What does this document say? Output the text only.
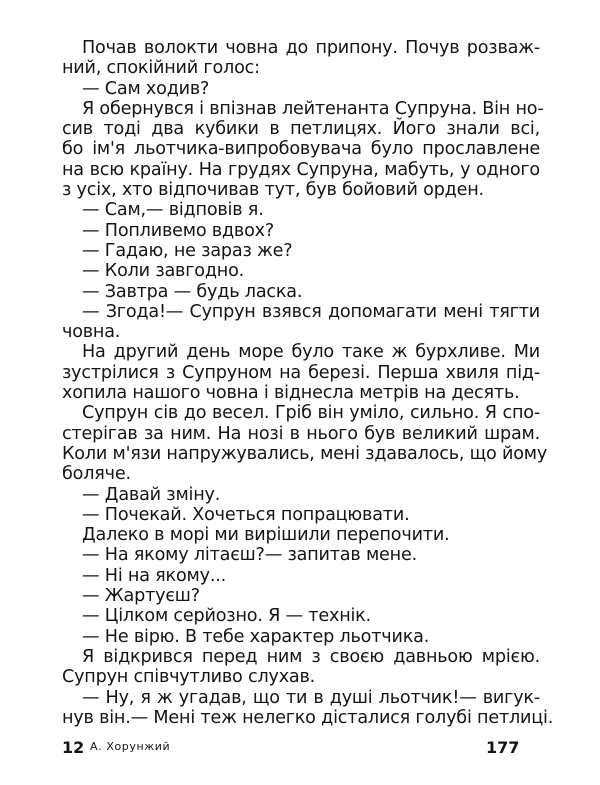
Почав волокти човна до припону. Почув розваж-
ний, спокійний голос:
— Сам ходив?
Я обернувся і впізнав лейтенанта Супруна. Він но-
сив тоді два кубики в петлицях. Його знали всі,
бо ім'я льотчика-випробовувача було прославлене
на всю країну. На грудях Супруна, мабуть, у одного
з усіх, хто відпочивав тут, був бойовий орден.
— Сам,— відповів я.
— Попливемо вдвох?
— Гадаю, не зараз же?
— Коли завгодно.
— Завтра — будь ласка.
— Згода!— Супрун взявся допомагати мені тягти
човна.
На другий день море було таке ж бурхливе. Ми
зустрілися з Супруном на березі. Перша хвиля під-
хопила нашого човна і віднесла метрів на десять.
Супрун сів до весел. Гріб він уміло, сильно. Я спо-
стерігав за ним. На нозі в нього був великий шрам.
Коли м'язи напружувались, мені здавалось, що йому
боляче.
— Давай зміну.
— Почекай. Хочеться попрацювати.
Далеко в морі ми вирішили перепочити.
— На якому літаєш?— запитав мене.
— Ні на якому...
— Жартуєш?
— Цілком серйозно. Я — технік.
— Не вірю. В тебе характер льотчика.
Я відкрився перед ним з своєю давньою мрією.
Супрун співчутливо слухав.
— Ну, я ж угадав, що ти в душі льотчик!— вигук-
нув він.— Мені теж нелегко дісталися голубі петлиці.
12 А. Хорунжий	177
